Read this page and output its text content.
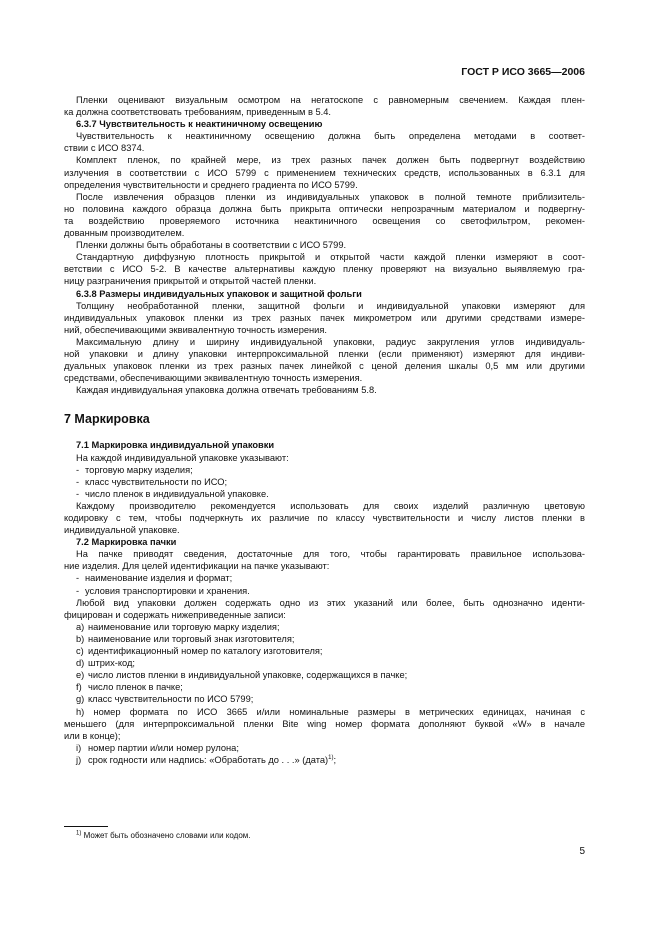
ГОСТ Р ИСО 3665—2006

Пленки оценивают визуальным осмотром на негатоскопе с равномерным свечением. Каждая плен-
ка должна соответствовать требованиям, приведенным в 5.4.

6.3.7 Чувствительность к неактиничному освещению

Чувствительность к неактиничному освещению должна быть определена методами в соответ-
ствии с ИСО 8374.

Комплект пленок, по крайней мере, из трех разных пачек должен быть подвергнут воздействию
излучения в соответствии с ИСО 5799 с применением технических средств, использованных в 6.3.1 для
определения чувствительности и среднего градиента по ИСО 5799.

После извлечения образцов пленки из индивидуальных упаковок в полной темноте приблизитель-
но половина каждого образца должна быть прикрыта оптически непрозрачным материалом и подвергну-
та воздействию проверяемого источника неактиничного освещения со светофильтром, рекомен-
дованным производителем.

Пленки должны быть обработаны в соответствии с ИСО 5799.

Стандартную диффузную плотность прикрытой и открытой части каждой пленки измеряют в соот-
ветствии с ИСО 5-2. В качестве альтернативы каждую пленку проверяют на визуально выявляемую гра-
ницу разграничения прикрытой и открытой частей пленки.

6.3.8 Размеры индивидуальных упаковок и защитной фольги

Толщину необработанной пленки, защитной фольги и индивидуальной упаковки измеряют для
индивидуальных упаковок пленки из трех разных пачек микрометром или другими средствами измере-
ний, обеспечивающими эквивалентную точность измерения.

Максимальную длину и ширину индивидуальной упаковки, радиус закругления углов индивидуаль-
ной упаковки и длину упаковки интерпроксимальной пленки (если применяют) измеряют для индиви-
дуальных упаковок пленки из трех разных пачек линейкой с ценой деления шкалы 0,5 мм или другими
средствами, обеспечивающими эквивалентную точность измерения.

Каждая индивидуальная упаковка должна отвечать требованиям 5.8.

7 Маркировка
7.1 Маркировка индивидуальной упаковки

На каждой индивидуальной упаковке указывают:

- торговую марку изделия;
- класс чувствительности по ИСО;
- число пленок в индивидуальной упаковке.

Каждому производителю рекомендуется использовать для своих изделий различную цветовую
кодировку с тем, чтобы подчеркнуть их различие по классу чувствительности и числу листов пленки в
индивидуальной упаковке.

7.2 Маркировка пачки

На пачке приводят сведения, достаточные для того, чтобы гарантировать правильное использова-
ние изделия. Для целей идентификации на пачке указывают:

- наименование изделия и формат;
- условия транспортировки и хранения.

Любой вид упаковки должен содержать одно из этих указаний или более, быть однозначно иденти-
фицирован и содержать нижеприведенные записи:

a) наименование или торговую марку изделия;
b) наименование или торговый знак изготовителя;
c) идентификационный номер по каталогу изготовителя;
d) штрих-код;
e) число листов пленки в индивидуальной упаковке, содержащихся в пачке;
f) число пленок в пачке;
g) класс чувствительности по ИСО 5799;

h) номер формата по ИСО 3665 и/или номинальные размеры в метрических единицах, начиная с
меньшего (для интерпроксимальной пленки Bite wing номер формата дополняют буквой «W» в начале
или в конце);

i) номер партии и/или номер рулона;
j) срок годности или надпись: «Обработать до . . .» (дата)$^{1)}$;
$^{1)}$ Может быть обозначено словами или кодом.
5
